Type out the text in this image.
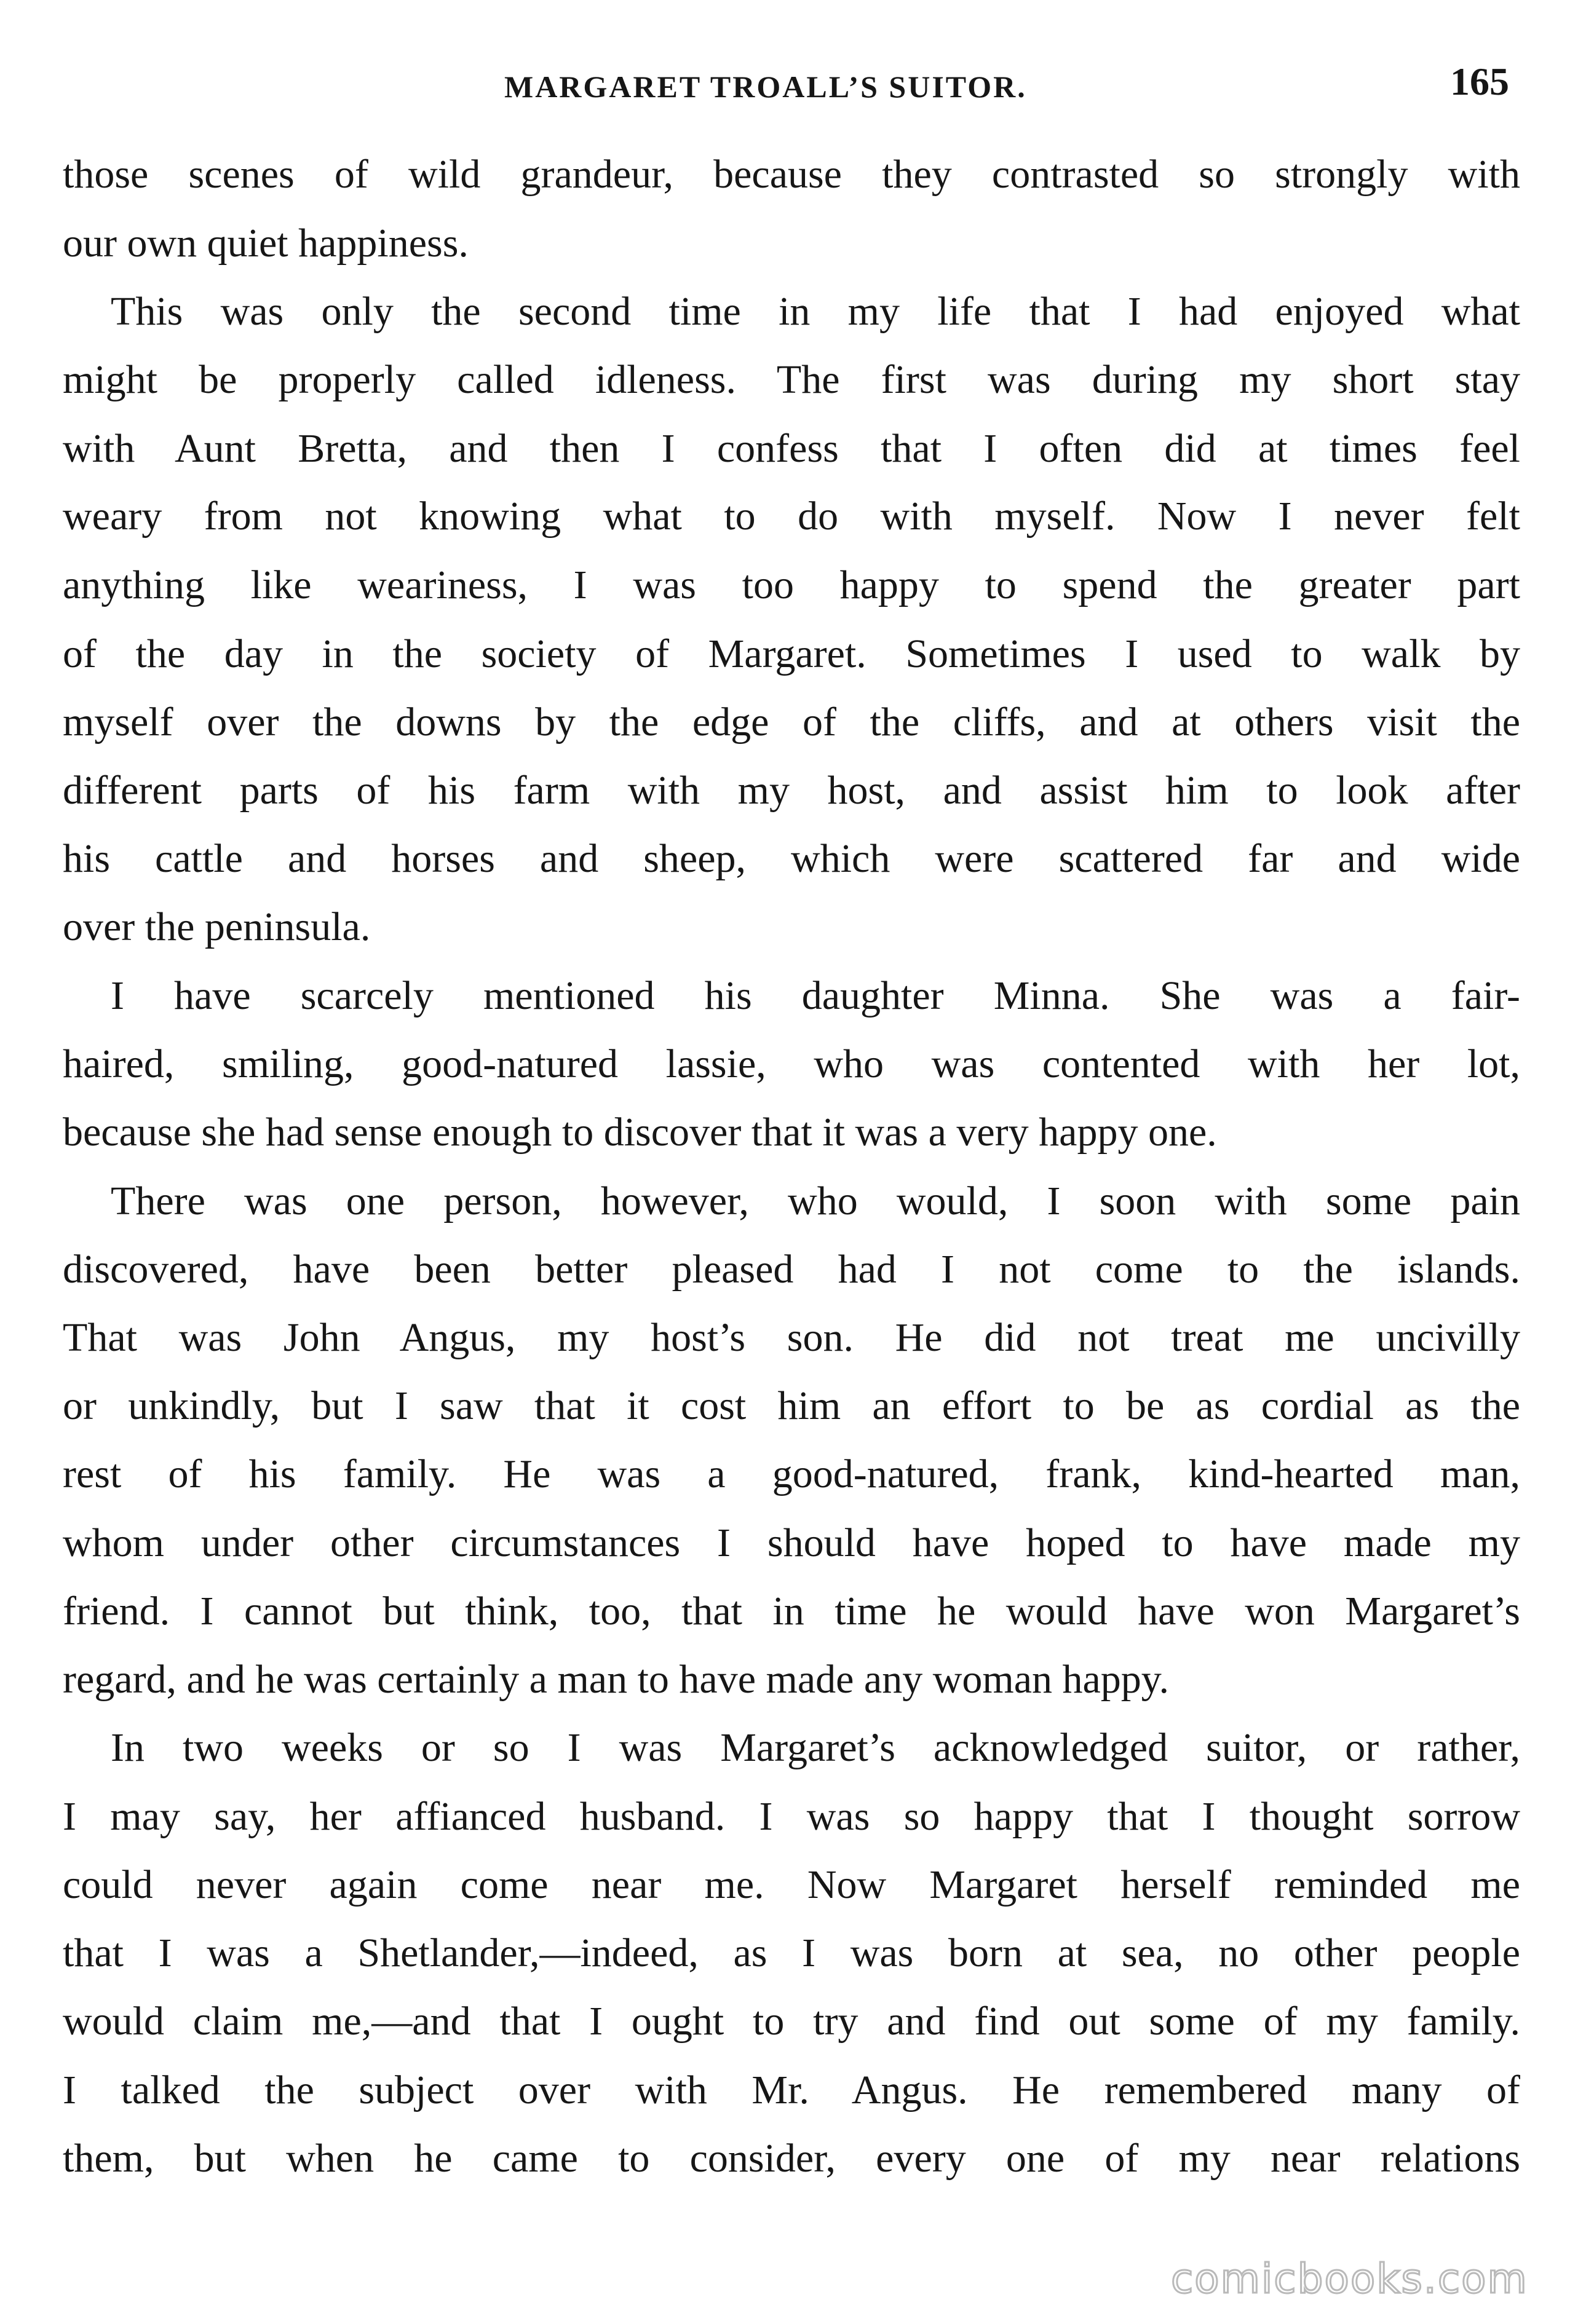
MARGARET TROALL’S SUITOR.	165
those scenes of wild grandeur, because they contrasted so strongly with
our own quiet happiness.
This was only the second time in my life that I had enjoyed what
might be properly called idleness. The first was during my short stay
with Aunt Bretta, and then I confess that I often did at times feel
weary from not knowing what to do with myself. Now I never felt
anything like weariness, I was too happy to spend the greater part
of the day in the society of Margaret. Sometimes I used to walk by
myself over the downs by the edge of the cliffs, and at others visit the
different parts of his farm with my host, and assist him to look after
his cattle and horses and sheep, which were scattered far and wide
over the peninsula.
I have scarcely mentioned his daughter Minna. She was a fair-
haired, smiling, good-natured lassie, who was contented with her lot,
because she had sense enough to discover that it was a very happy one.
There was one person, however, who would, I soon with some pain
discovered, have been better pleased had I not come to the islands.
That was John Angus, my host’s son. He did not treat me uncivilly
or unkindly, but I saw that it cost him an effort to be as cordial as the
rest of his family. He was a good-natured, frank, kind-hearted man,
whom under other circumstances I should have hoped to have made my
friend. I cannot but think, too, that in time he would have won Margaret’s
regard, and he was certainly a man to have made any woman happy.
In two weeks or so I was Margaret’s acknowledged suitor, or rather,
I may say, her affianced husband. I was so happy that I thought sorrow
could never again come near me. Now Margaret herself reminded me
that I was a Shetlander,—indeed, as I was born at sea, no other people
would claim me,—and that I ought to try and find out some of my family.
I talked the subject over with Mr. Angus. He remembered many of
them, but when he came to consider, every one of my near relations
comicbooks.com
